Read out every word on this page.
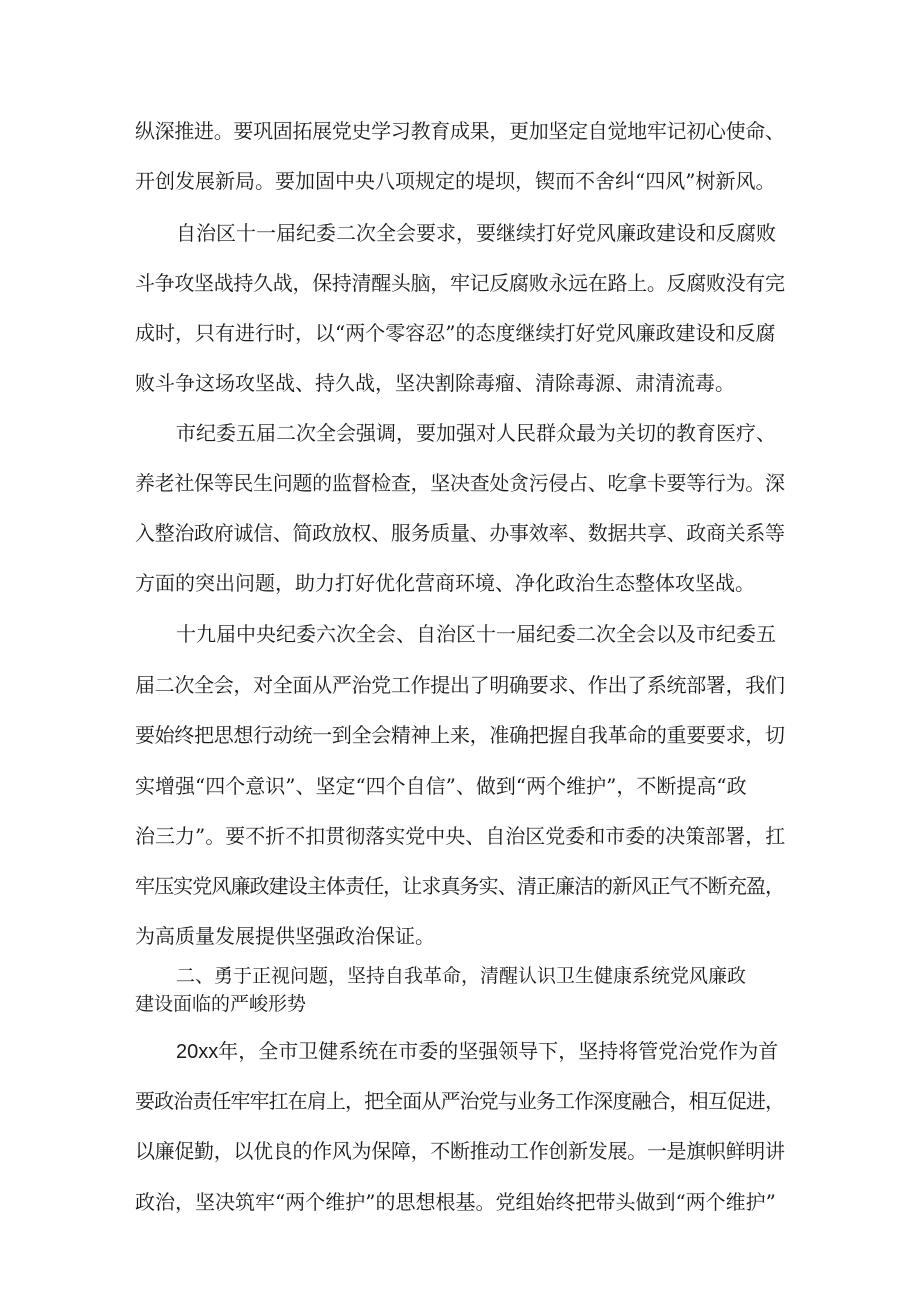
纵深推进。要巩固拓展党史学习教育成果，更加坚定自觉地牢记初心使命、
开创发展新局。要加固中央八项规定的堤坝，锲而不舍纠“四风”树新风。
自治区十一届纪委二次全会要求，要继续打好党风廉政建设和反腐败
斗争攻坚战持久战，保持清醒头脑，牢记反腐败永远在路上。反腐败没有完
成时，只有进行时，以“两个零容忍”的态度继续打好党风廉政建设和反腐
败斗争这场攻坚战、持久战，坚决割除毒瘤、清除毒源、肃清流毒。
市纪委五届二次全会强调，要加强对人民群众最为关切的教育医疗、
养老社保等民生问题的监督检查，坚决查处贪污侵占、吃拿卡要等行为。深
入整治政府诚信、简政放权、服务质量、办事效率、数据共享、政商关系等
方面的突出问题，助力打好优化营商环境、净化政治生态整体攻坚战。
十九届中央纪委六次全会、自治区十一届纪委二次全会以及市纪委五
届二次全会，对全面从严治党工作提出了明确要求、作出了系统部署，我们
要始终把思想行动统一到全会精神上来，准确把握自我革命的重要要求，切
实增强“四个意识”、坚定“四个自信”、做到“两个维护”，不断提高“政
治三力”。要不折不扣贯彻落实党中央、自治区党委和市委的决策部署，扛
牢压实党风廉政建设主体责任，让求真务实、清正廉洁的新风正气不断充盈，
为高质量发展提供坚强政治保证。
二、勇于正视问题，坚持自我革命，清醒认识卫生健康系统党风廉政
建设面临的严峻形势
20xx年，全市卫健系统在市委的坚强领导下，坚持将管党治党作为首
要政治责任牢牢扛在肩上，把全面从严治党与业务工作深度融合，相互促进，
以廉促勤，以优良的作风为保障，不断推动工作创新发展。一是旗帜鲜明讲
政治，坚决筑牢“两个维护”的思想根基。党组始终把带头做到“两个维护”
